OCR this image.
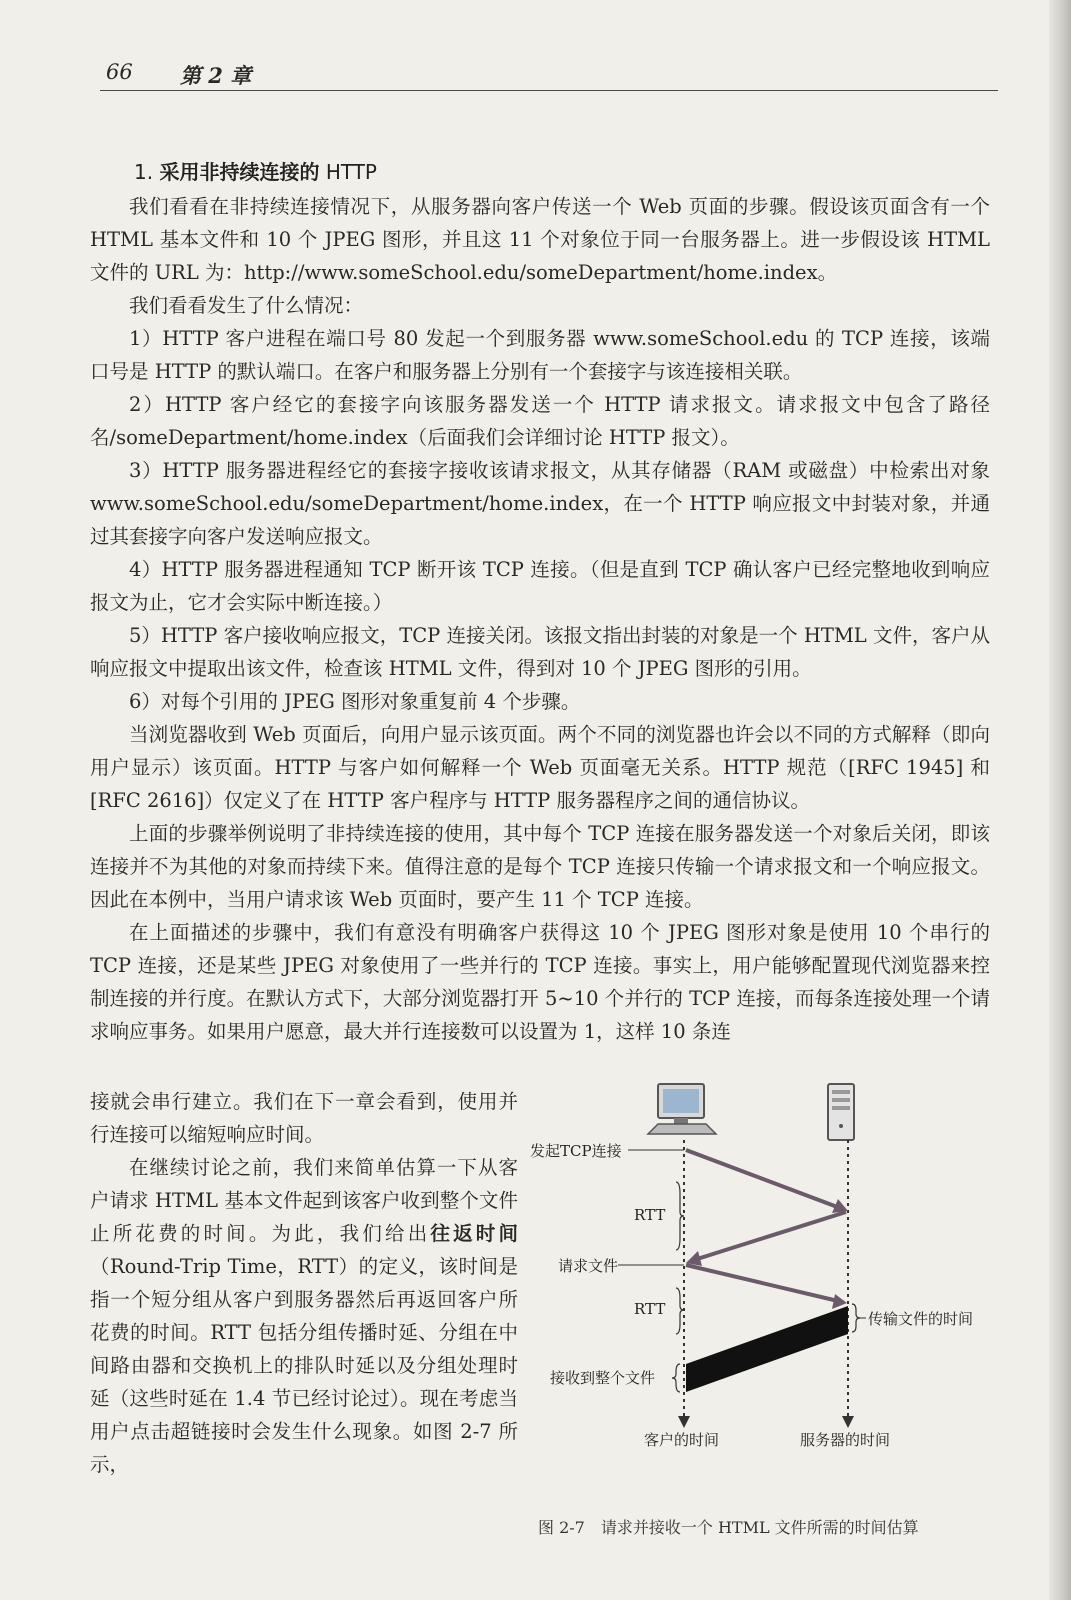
66 第 2 章
1. 采用非持续连接的 HTTP

我们看看在非持续连接情况下，从服务器向客户传送一个 Web 页面的步骤。假设该页面含有一个 HTML 基本文件和 10 个 JPEG 图形，并且这 11 个对象位于同一台服务器上。进一步假设该 HTML 文件的 URL 为：http://www.someSchool.edu/someDepartment/home.index。

我们看看发生了什么情况：

1）HTTP 客户进程在端口号 80 发起一个到服务器 www.someSchool.edu 的 TCP 连接，该端口号是 HTTP 的默认端口。在客户和服务器上分别有一个套接字与该连接相关联。

2）HTTP 客户经它的套接字向该服务器发送一个 HTTP 请求报文。请求报文中包含了路径名/someDepartment/home.index（后面我们会详细讨论 HTTP 报文）。

3）HTTP 服务器进程经它的套接字接收该请求报文，从其存储器（RAM 或磁盘）中检索出对象 www.someSchool.edu/someDepartment/home.index，在一个 HTTP 响应报文中封装对象，并通过其套接字向客户发送响应报文。

4）HTTP 服务器进程通知 TCP 断开该 TCP 连接。（但是直到 TCP 确认客户已经完整地收到响应报文为止，它才会实际中断连接。）

5）HTTP 客户接收响应报文，TCP 连接关闭。该报文指出封装的对象是一个 HTML 文件，客户从响应报文中提取出该文件，检查该 HTML 文件，得到对 10 个 JPEG 图形的引用。

6）对每个引用的 JPEG 图形对象重复前 4 个步骤。

当浏览器收到 Web 页面后，向用户显示该页面。两个不同的浏览器也许会以不同的方式解释（即向用户显示）该页面。HTTP 与客户如何解释一个 Web 页面毫无关系。HTTP 规范（[RFC 1945] 和 [RFC 2616]）仅定义了在 HTTP 客户程序与 HTTP 服务器程序之间的通信协议。

上面的步骤举例说明了非持续连接的使用，其中每个 TCP 连接在服务器发送一个对象后关闭，即该连接并不为其他的对象而持续下来。值得注意的是每个 TCP 连接只传输一个请求报文和一个响应报文。因此在本例中，当用户请求该 Web 页面时，要产生 11 个 TCP 连接。

在上面描述的步骤中，我们有意没有明确客户获得这 10 个 JPEG 图形对象是使用 10 个串行的 TCP 连接，还是某些 JPEG 对象使用了一些并行的 TCP 连接。事实上，用户能够配置现代浏览器来控制连接的并行度。在默认方式下，大部分浏览器打开 5~10 个并行的 TCP 连接，而每条连接处理一个请求响应事务。如果用户愿意，最大并行连接数可以设置为 1，这样 10 条连

接就会串行建立。我们在下一章会看到，使用并行连接可以缩短响应时间。

在继续讨论之前，我们来简单估算一下从客户请求 HTML 基本文件起到该客户收到整个文件止所花费的时间。为此，我们给出往返时间（Round-Trip Time，RTT）的定义，该时间是指一个短分组从客户到服务器然后再返回客户所花费的时间。RTT 包括分组传播时延、分组在中间路由器和交换机上的排队时延以及分组处理时延（这些时延在 1.4 节已经讨论过）。现在考虑当用户点击超链接时会发生什么现象。如图 2-7 所示，

发起TCP连接
RTT
请求文件
RTT
传输文件的时间
接收到整个文件
客户的时间	服务器的时间
图 2-7　请求并接收一个 HTML 文件所需的时间估算
